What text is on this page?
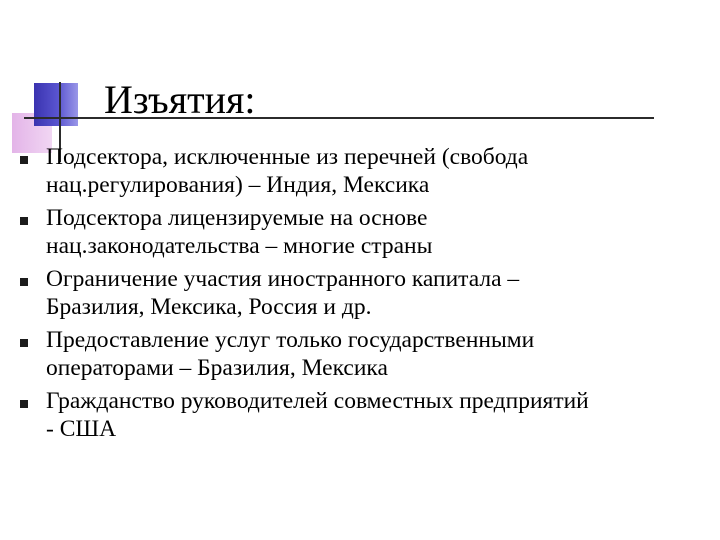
Изъятия:
Подсектора, исключенные из перечней (свобода
нац.регулирования) – Индия, Мексика
Подсектора лицензируемые на основе
нац.законодательства – многие страны
Ограничение участия иностранного капитала –
Бразилия, Мексика, Россия и др.
Предоставление услуг только государственными
операторами – Бразилия, Мексика
Гражданство руководителей совместных предприятий
- США
